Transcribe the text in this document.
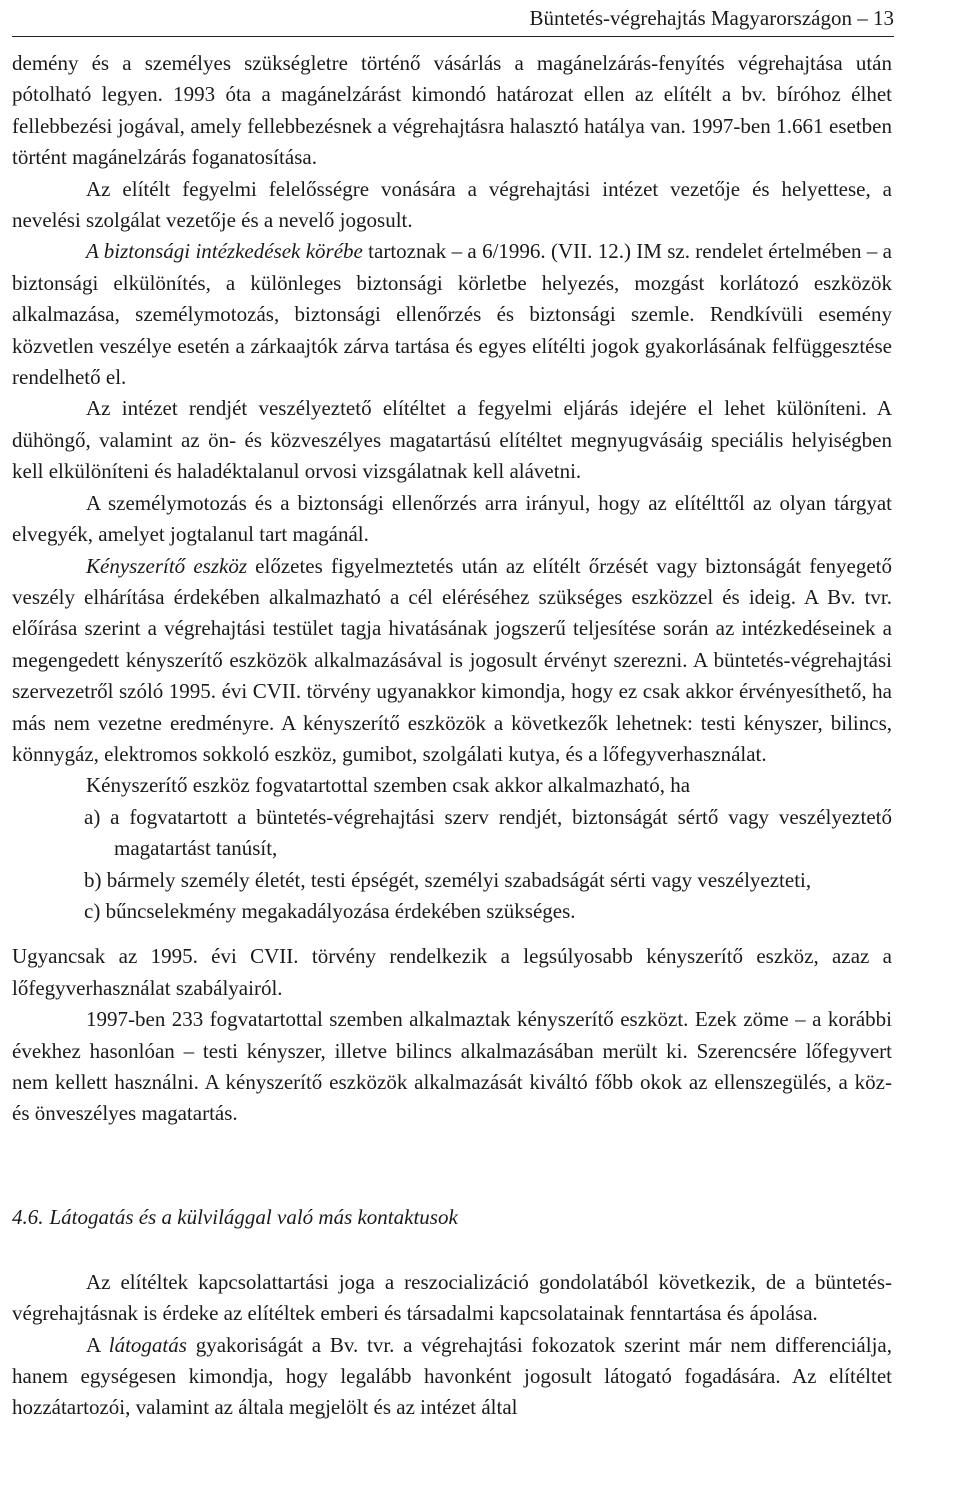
Büntetés-végrehajtás Magyarországon – 13

demény és a személyes szükségletre történő vásárlás a magánelzárás-fenyítés végrehajtása után pótolható legyen. 1993 óta a magánelzárást kimondó határozat ellen az elítélt a bv. bíróhoz élhet fellebbezési jogával, amely fellebbezésnek a végrehajtásra halasztó hatálya van. 1997-ben 1.661 esetben történt magánelzárás foganatosítása.

Az elítélt fegyelmi felelősségre vonására a végrehajtási intézet vezetője és helyettese, a nevelési szolgálat vezetője és a nevelő jogosult.

A biztonsági intézkedések körébe tartoznak – a 6/1996. (VII. 12.) IM sz. rendelet értelmében – a biztonsági elkülönítés, a különleges biztonsági körletbe helyezés, mozgást korlátozó eszközök alkalmazása, személymotozás, biztonsági ellenőrzés és biztonsági szemle. Rendkívüli esemény közvetlen veszélye esetén a zárkaajtók zárva tartása és egyes elítélti jogok gyakorlásának felfüggesztése rendelhető el.

Az intézet rendjét veszélyeztető elítéltet a fegyelmi eljárás idejére el lehet különíteni. A dühöngő, valamint az ön- és közveszélyes magatartású elítéltet megnyugvásáig speciális helyiségben kell elkülöníteni és haladéktalanul orvosi vizsgálatnak kell alávetni.

A személymotozás és a biztonsági ellenőrzés arra irányul, hogy az elítélttől az olyan tárgyat elvegyék, amelyet jogtalanul tart magánál.

Kényszerítő eszköz előzetes figyelmeztetés után az elítélt őrzését vagy biztonságát fenyegető veszély elhárítása érdekében alkalmazható a cél eléréséhez szükséges eszközzel és ideig. A Bv. tvr. előírása szerint a végrehajtási testület tagja hivatásának jogszerű teljesítése során az intézkedéseinek a megengedett kényszerítő eszközök alkalmazásával is jogosult érvényt szerezni. A büntetés-végrehajtási szervezetről szóló 1995. évi CVII. törvény ugyanakkor kimondja, hogy ez csak akkor érvényesíthető, ha más nem vezetne eredményre. A kényszerítő eszközök a következők lehetnek: testi kényszer, bilincs, könnygáz, elektromos sokkoló eszköz, gumibot, szolgálati kutya, és a lőfegyverhasználat.

Kényszerítő eszköz fogvatartottal szemben csak akkor alkalmazható, ha

a) a fogvatartott a büntetés-végrehajtási szerv rendjét, biztonságát sértő vagy veszélyeztető magatartást tanúsít,
b) bármely személy életét, testi épségét, személyi szabadságát sérti vagy veszélyezteti,
c) bűncselekmény megakadályozása érdekében szükséges.

Ugyancsak az 1995. évi CVII. törvény rendelkezik a legsúlyosabb kényszerítő eszköz, azaz a lőfegyverhasználat szabályairól.

1997-ben 233 fogvatartottal szemben alkalmaztak kényszerítő eszközt. Ezek zöme – a korábbi évekhez hasonlóan – testi kényszer, illetve bilincs alkalmazásában merült ki. Szerencsére lőfegyvert nem kellett használni. A kényszerítő eszközök alkalmazását kiváltó főbb okok az ellenszegülés, a köz- és önveszélyes magatartás.

4.6. Látogatás és a külvilággal való más kontaktusok

Az elítéltek kapcsolattartási joga a reszocializáció gondolatából következik, de a büntetés-végrehajtásnak is érdeke az elítéltek emberi és társadalmi kapcsolatainak fenntartása és ápolása.

A látogatás gyakoriságát a Bv. tvr. a végrehajtási fokozatok szerint már nem differenciálja, hanem egységesen kimondja, hogy legalább havonként jogosult látogató fogadására. Az elítéltet hozzátartozói, valamint az általa megjelölt és az intézet által
